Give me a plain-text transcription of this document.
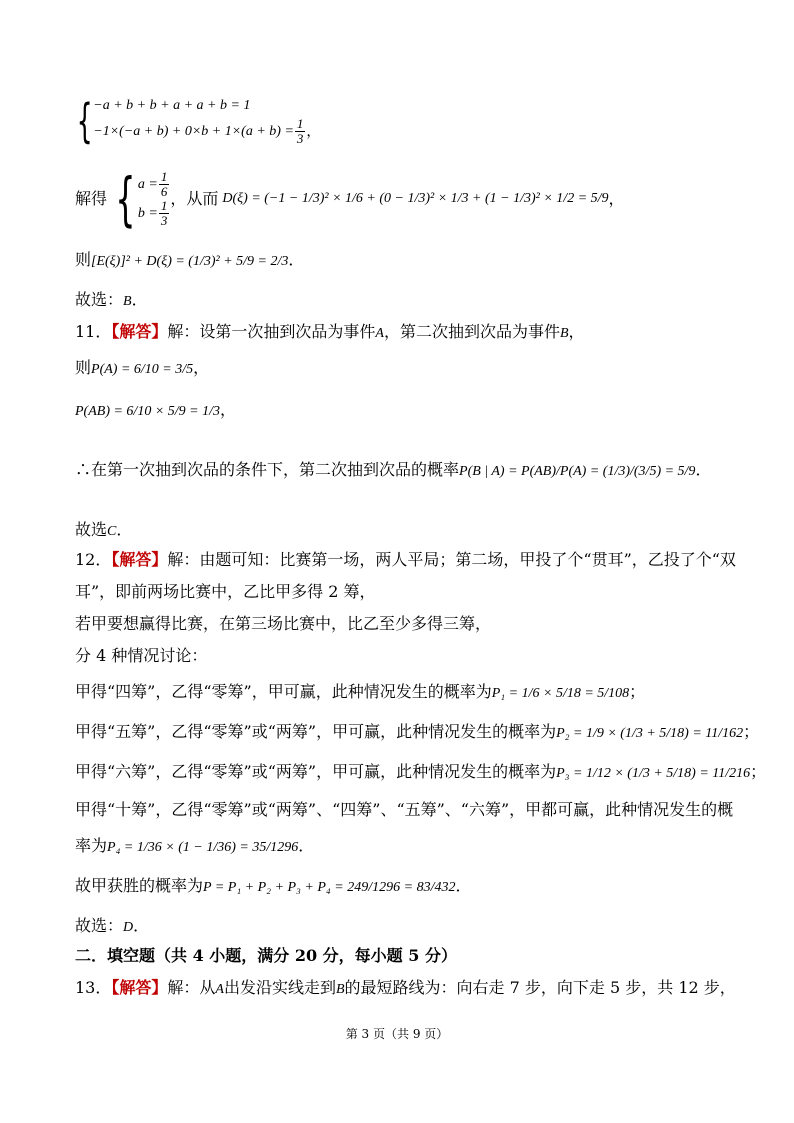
{ −a + b + b + a + a + b = 1
$-1\times(-a + b) + 0\times b + 1\times(a + b) = \frac{1}{3}$ ，
解得 { $a = \frac{1}{6}$
$b = \frac{1}{3}$
，从而 D(ξ) = (−1 − 1/3)² × 1/6 + (0 − 1/3)² × 1/3 + (1 − 1/3)² × 1/2 = 5/9 ，
则[E(ξ)]² + D(ξ) = (1/3)² + 5/9 = 2/3．
故选：B．
11．【解答】解：设第一次抽到次品为事件A，第二次抽到次品为事件B，
则P(A) = 6/10 = 3/5，
P(AB) = 6/10 × 5/9 = 1/3，
∴在第一次抽到次品的条件下，第二次抽到次品的概率P(B | A) = P(AB)/P(A) = (1/3)/(3/5) = 5/9．
故选C．
12．【解答】解：由题可知：比赛第一场，两人平局；第二场，甲投了个“贯耳”，乙投了个“双
耳”，即前两场比赛中，乙比甲多得 2 筹，
若甲要想赢得比赛，在第三场比赛中，比乙至少多得三筹，
分 4 种情况讨论：
甲得“四筹”，乙得“零筹”，甲可赢，此种情况发生的概率为P₁ = 1/6 × 5/18 = 5/108；
甲得“五筹”，乙得“零筹”或“两筹”，甲可赢，此种情况发生的概率为P₂ = 1/9 × (1/3 + 5/18) = 11/162；
甲得“六筹”，乙得“零筹”或“两筹”，甲可赢，此种情况发生的概率为P₃ = 1/12 × (1/3 + 5/18) = 11/216；
甲得“十筹”，乙得“零筹”或“两筹”、“四筹”、“五筹”、“六筹”，甲都可赢，此种情况发生的概
率为P₄ = 1/36 × (1 − 1/36) = 35/1296．
故甲获胜的概率为P = P₁ + P₂ + P₃ + P₄ = 249/1296 = 83/432．
故选：D．
二．填空题（共 4 小题，满分 20 分，每小题 5 分）
13．【解答】解：从A出发沿实线走到B的最短路线为：向右走 7 步，向下走 5 步，共 12 步，
第 3 页（共 9 页）
